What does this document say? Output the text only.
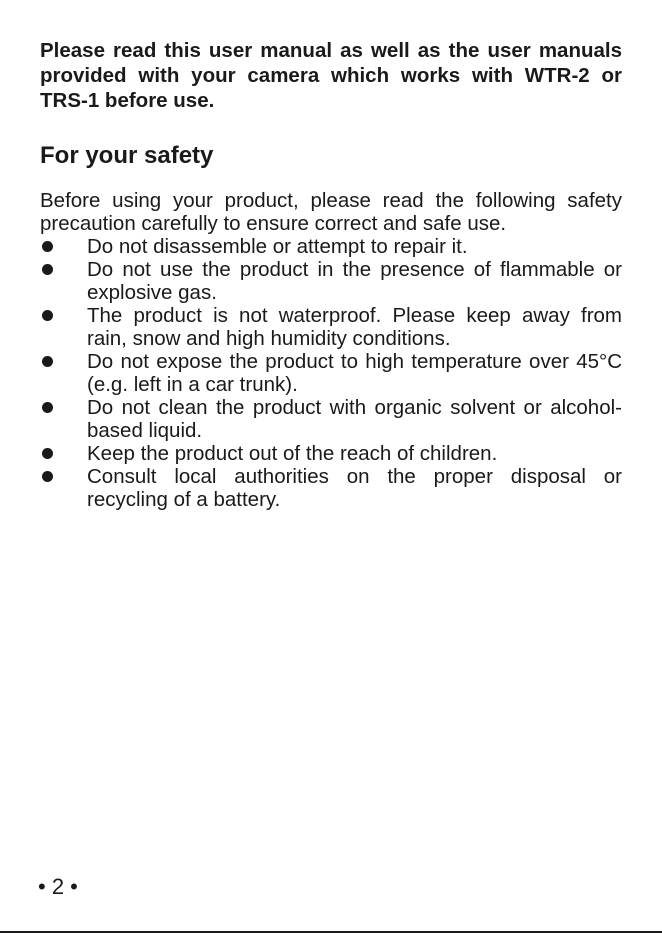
Please read this user manual as well as the user manuals provided with your camera which works with WTR-2 or TRS-1 before use.

For your safety

Before using your product, please read the following safety precaution carefully to ensure correct and safe use.

Do not disassemble or attempt to repair it.
Do not use the product in the presence of flammable or explosive gas.
The product is not waterproof. Please keep away from rain, snow and high humidity conditions.
Do not expose the product to high temperature over 45°C (e.g. left in a car trunk).
Do not clean the product with organic solvent or alcohol-based liquid.
Keep the product out of the reach of children.
Consult local authorities on the proper disposal or recycling of a battery.
• 2 •
